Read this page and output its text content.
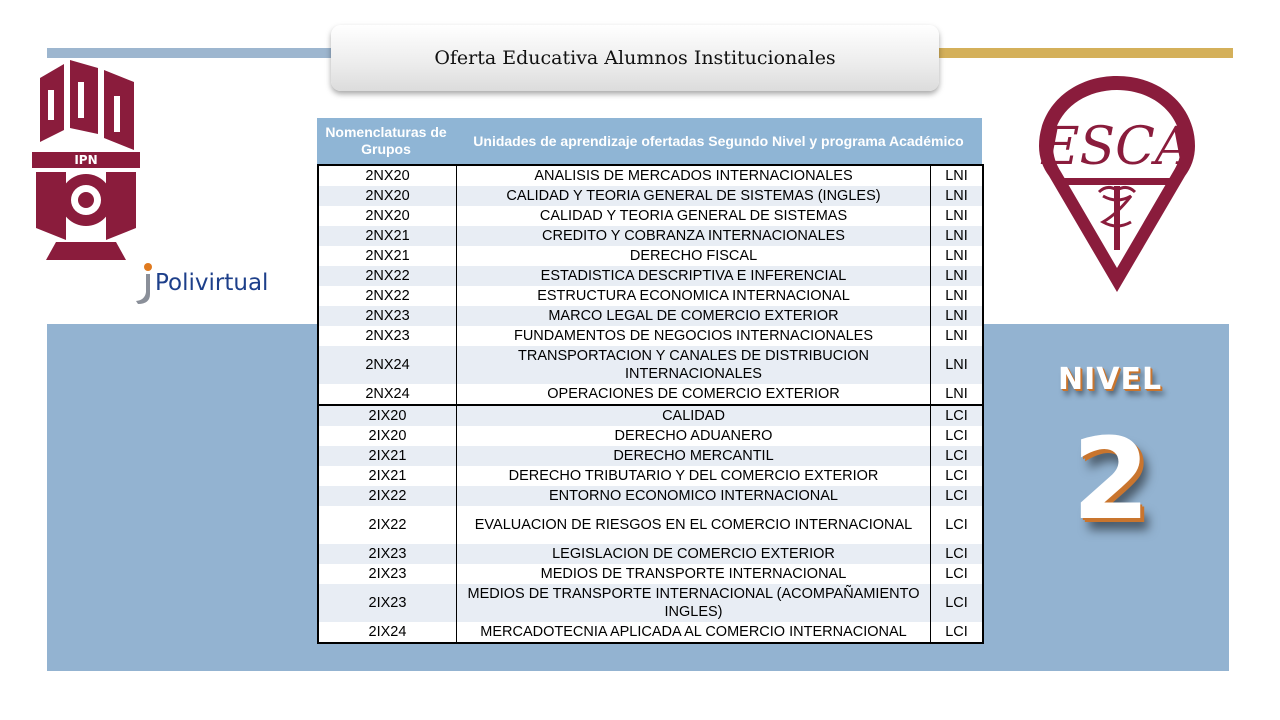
Oferta Educativa Alumnos Institucionales
IPN
Polivirtual
ESCA
NIVEL
2
Nomenclaturas de Grupos
Unidades de aprendizaje ofertadas Segundo Nivel y programa Académico
2NX20	ANALISIS DE MERCADOS INTERNACIONALES	LNI
2NX20	CALIDAD Y TEORIA GENERAL DE SISTEMAS (INGLES)	LNI
2NX20	CALIDAD Y TEORIA GENERAL DE SISTEMAS	LNI
2NX21	CREDITO Y COBRANZA INTERNACIONALES	LNI
2NX21	DERECHO FISCAL	LNI
2NX22	ESTADISTICA DESCRIPTIVA E INFERENCIAL	LNI
2NX22	ESTRUCTURA ECONOMICA INTERNACIONAL	LNI
2NX23	MARCO LEGAL DE COMERCIO EXTERIOR	LNI
2NX23	FUNDAMENTOS DE NEGOCIOS INTERNACIONALES	LNI
2NX24	TRANSPORTACION Y CANALES DE DISTRIBUCION INTERNACIONALES	LNI
2NX24	OPERACIONES DE COMERCIO EXTERIOR	LNI
2IX20	CALIDAD	LCI
2IX20	DERECHO ADUANERO	LCI
2IX21	DERECHO MERCANTIL	LCI
2IX21	DERECHO TRIBUTARIO Y DEL COMERCIO EXTERIOR	LCI
2IX22	ENTORNO ECONOMICO INTERNACIONAL	LCI
2IX22	EVALUACION DE RIESGOS EN EL COMERCIO INTERNACIONAL	LCI
2IX23	LEGISLACION DE COMERCIO EXTERIOR	LCI
2IX23	MEDIOS DE TRANSPORTE INTERNACIONAL	LCI
2IX23	MEDIOS DE TRANSPORTE INTERNACIONAL (ACOMPAÑAMIENTO INGLES)	LCI
2IX24	MERCADOTECNIA APLICADA AL COMERCIO INTERNACIONAL	LCI
